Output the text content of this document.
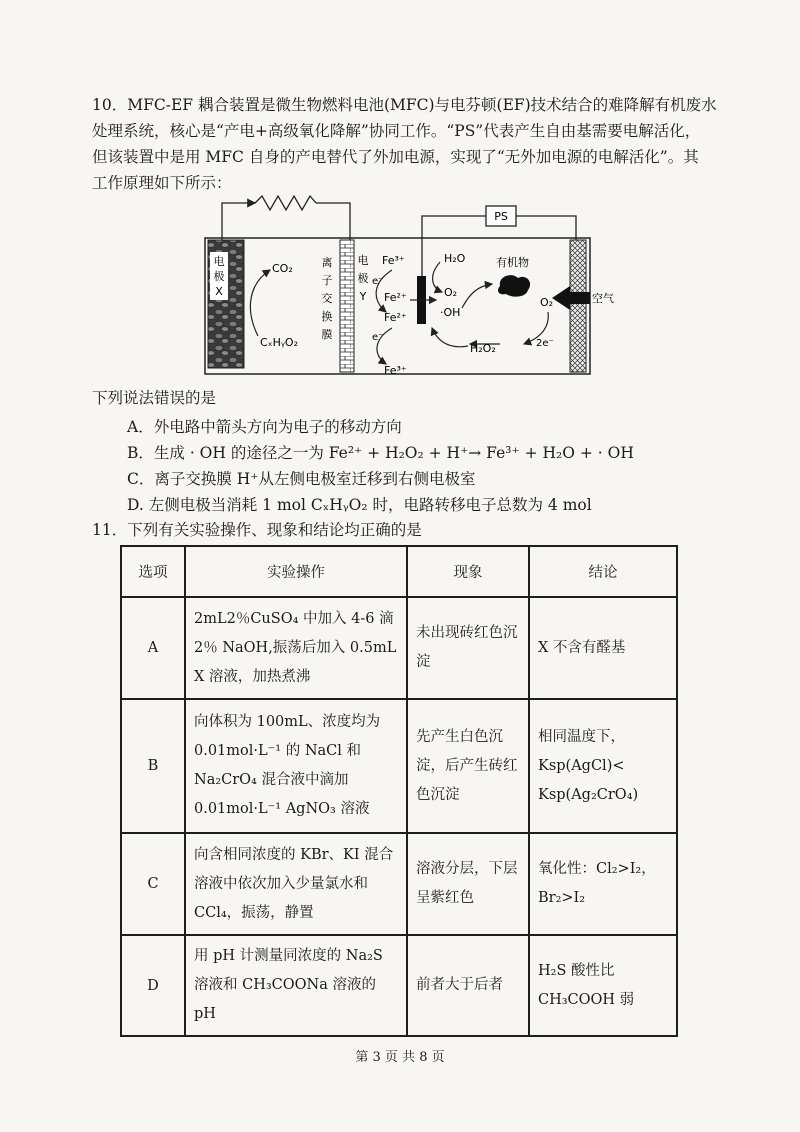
10．MFC-EF 耦合装置是微生物燃料电池(MFC)与电芬顿(EF)技术结合的难降解有机废水

处理系统，核心是“产电+高级氧化降解”协同工作。“PS”代表产生自由基需要电解活化，

但该装置中是用 MFC 自身的产电替代了外加电源，实现了“无外加电源的电解活化”。其

工作原理如下所示：

电
极
X
CO₂
CₓHᵧO₂
离
子
交
换
膜
电
极
Y
Fe³⁺
e⁻
Fe²⁺
e⁻
Fe³⁺
PS
H₂O
O₂
Fe²⁺
·OH
有机物
O₂
2e⁻
H₂O₂
空气
下列说法错误的是

A．外电路中箭头方向为电子的移动方向

B．生成 · OH 的途径之一为 Fe²⁺ + H₂O₂ + H⁺→ Fe³⁺ + H₂O + · OH

C．离子交换膜 H⁺从左侧电极室迁移到右侧电极室

D. 左侧电极当消耗 1 mol CₓHᵧO₂ 时，电路转移电子总数为 4 mol

11．下列有关实验操作、现象和结论均正确的是
选项	实验操作	现象	结论
A	2mL2％CuSO₄ 中加入 4-6 滴 2％ NaOH,振荡后加入 0.5mL X 溶液，加热煮沸	未出现砖红色沉淀	X 不含有醛基
B	向体积为 100mL、浓度均为 0.01mol·L⁻¹ 的 NaCl 和 Na₂CrO₄ 混合液中滴加 0.01mol·L⁻¹ AgNO₃ 溶液	先产生白色沉淀，后产生砖红色沉淀	相同温度下，Ksp(AgCl)< Ksp(Ag₂CrO₄)
C	向含相同浓度的 KBr、KI 混合溶液中依次加入少量氯水和 CCl₄，振荡，静置	溶液分层，下层呈紫红色	氧化性：Cl₂>I₂，Br₂>I₂
D	用 pH 计测量同浓度的 Na₂S 溶液和 CH₃COONa 溶液的 pH	前者大于后者	H₂S 酸性比 CH₃COOH 弱
第 3 页 共 8 页
